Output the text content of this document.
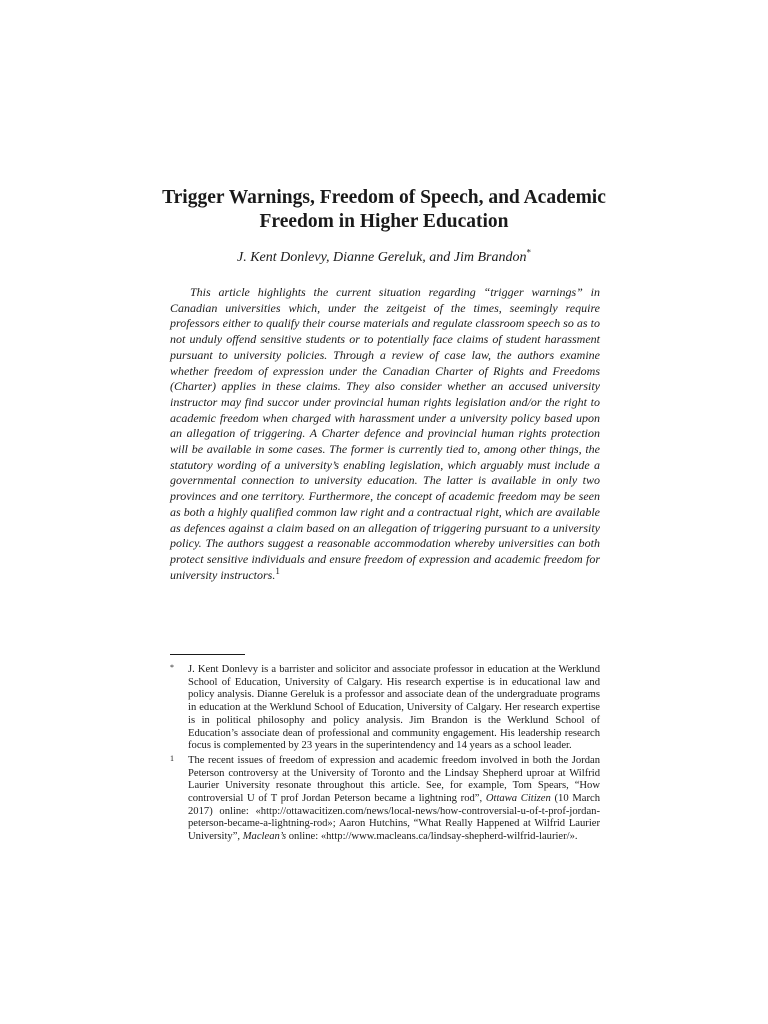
Trigger Warnings, Freedom of Speech, and Academic
Freedom in Higher Education
J. Kent Donlevy, Dianne Gereluk, and Jim Brandon*

This article highlights the current situation regarding “trigger warnings” in Canadian universities which, under the zeitgeist of the times, seemingly require professors either to qualify their course materials and regulate classroom speech so as to not unduly offend sensitive students or to potentially face claims of student harassment pursuant to university policies. Through a review of case law, the authors examine whether freedom of expression under the Canadian Charter of Rights and Freedoms (Charter) applies in these claims. They also consider whether an accused university instructor may find succor under provincial human rights legislation and/or the right to academic freedom when charged with harassment under a university policy based upon an allegation of triggering. A Charter defence and provincial human rights protection will be available in some cases. The former is currently tied to, among other things, the statutory wording of a university’s enabling legislation, which arguably must include a governmental connection to university education. The latter is available in only two provinces and one territory. Furthermore, the concept of academic freedom may be seen as both a highly qualified common law right and a contractual right, which are available as defences against a claim based on an allegation of triggering pursuant to a university policy. The authors suggest a reasonable accommodation whereby universities can both protect sensitive individuals and ensure freedom of expression and academic freedom for university instructors.$^1$

* J. Kent Donlevy is a barrister and solicitor and associate professor in education at the Werklund School of Education, University of Calgary. His research expertise is in educational law and policy analysis. Dianne Gereluk is a professor and associate dean of the undergraduate programs in education at the Werklund School of Education, University of Calgary. Her research expertise is in political philosophy and policy analysis. Jim Brandon is the Werklund School of Education’s associate dean of professional and community engagement. His leadership research focus is complemented by 23 years in the superintendency and 14 years as a school leader.

1 The recent issues of freedom of expression and academic freedom involved in both the Jordan Peterson controversy at the University of Toronto and the Lindsay Shepherd uproar at Wilfrid Laurier University resonate throughout this article. See, for example, Tom Spears, “How controversial U of T prof Jordan Peterson became a lightning rod”, Ottawa Citizen (10 March 2017) online: «http://ottawacitizen.com/news/local-news/how-controversial-u-of-t-prof-jordan-peterson-became-a-lightning-rod»; Aaron Hutchins, “What Really Happened at Wilfrid Laurier University”, Maclean’s online: «http://www.macleans.ca/lindsay-shepherd-wilfrid-laurier/».
